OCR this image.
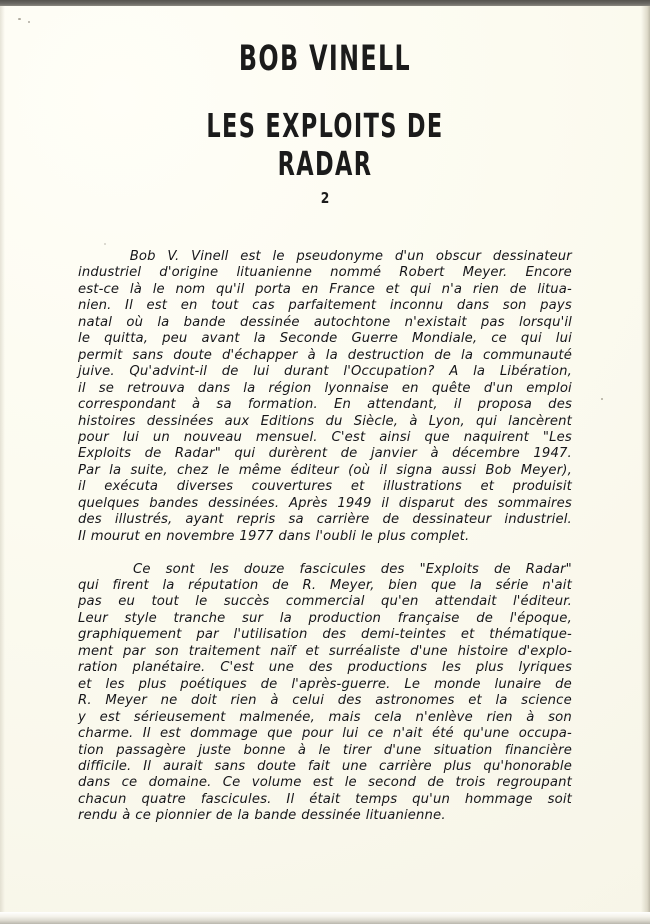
BOB VINELL
LES EXPLOITS DE
RADAR
2
Bob V. Vinell est le pseudonyme d'un obscur dessinateur
industriel d'origine lituanienne nommé Robert Meyer. Encore
est-ce là le nom qu'il porta en France et qui n'a rien de litua-
nien. Il est en tout cas parfaitement inconnu dans son pays
natal où la bande dessinée autochtone n'existait pas lorsqu'il
le quitta, peu avant la Seconde Guerre Mondiale, ce qui lui
permit sans doute d'échapper à la destruction de la communauté
juive. Qu'advint-il de lui durant l'Occupation? A la Libération,
il se retrouva dans la région lyonnaise en quête d'un emploi
correspondant à sa formation. En attendant, il proposa des
histoires dessinées aux Editions du Siècle, à Lyon, qui lancèrent
pour lui un nouveau mensuel. C'est ainsi que naquirent "Les
Exploits de Radar" qui durèrent de janvier à décembre 1947.
Par la suite, chez le même éditeur (où il signa aussi Bob Meyer),
il exécuta diverses couvertures et illustrations et produisit
quelques bandes dessinées. Après 1949 il disparut des sommaires
des illustrés, ayant repris sa carrière de dessinateur industriel.
Il mourut en novembre 1977 dans l'oubli le plus complet.
Ce sont les douze fascicules des "Exploits de Radar"
qui firent la réputation de R. Meyer, bien que la série n'ait
pas eu tout le succès commercial qu'en attendait l'éditeur.
Leur style tranche sur la production française de l'époque,
graphiquement par l'utilisation des demi-teintes et thématique-
ment par son traitement naïf et surréaliste d'une histoire d'explo-
ration planétaire. C'est une des productions les plus lyriques
et les plus poétiques de l'après-guerre. Le monde lunaire de
R. Meyer ne doit rien à celui des astronomes et la science
y est sérieusement malmenée, mais cela n'enlève rien à son
charme. Il est dommage que pour lui ce n'ait été qu'une occupa-
tion passagère juste bonne à le tirer d'une situation financière
difficile. Il aurait sans doute fait une carrière plus qu'honorable
dans ce domaine. Ce volume est le second de trois regroupant
chacun quatre fascicules. Il était temps qu'un hommage soit
rendu à ce pionnier de la bande dessinée lituanienne.
